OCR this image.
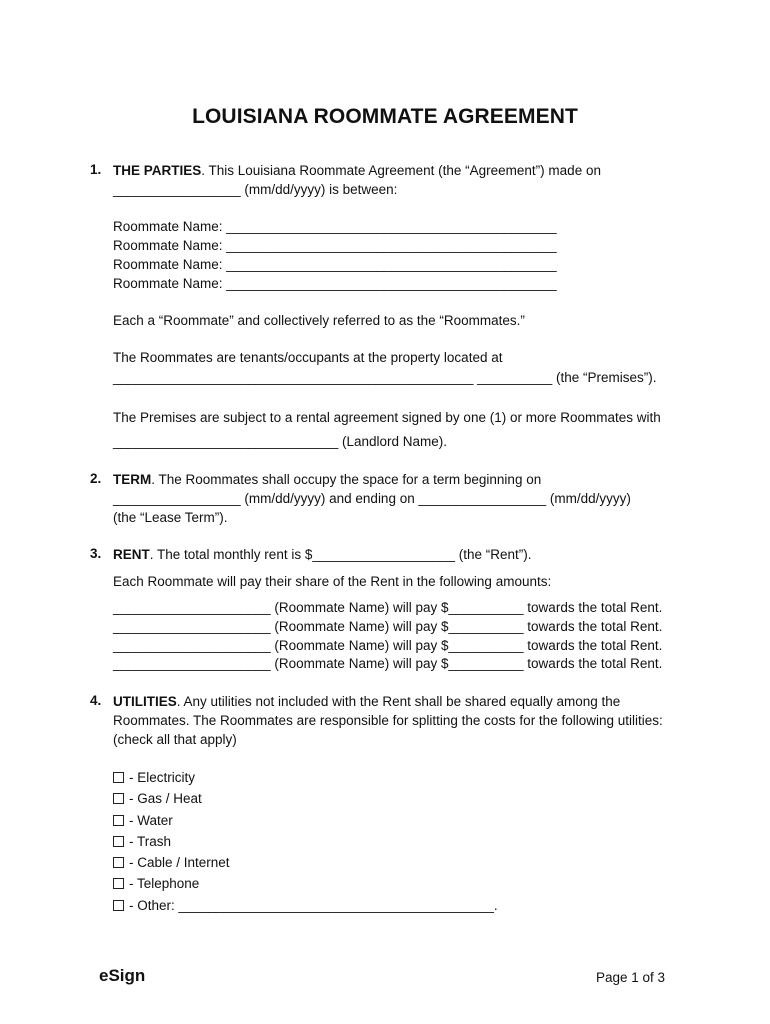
LOUISIANA ROOMMATE AGREEMENT
1. THE PARTIES. This Louisiana Roommate Agreement (the “Agreement”) made on
_________________ (mm/dd/yyyy) is between:
Roommate Name: ____________________________________________
Roommate Name: ____________________________________________
Roommate Name: ____________________________________________
Roommate Name: ____________________________________________
Each a “Roommate” and collectively referred to as the “Roommates.”
The Roommates are tenants/occupants at the property located at
________________________________________________ __________ (the “Premises”).
The Premises are subject to a rental agreement signed by one (1) or more Roommates with
______________________________ (Landlord Name).
2. TERM. The Roommates shall occupy the space for a term beginning on
_________________ (mm/dd/yyyy) and ending on _________________ (mm/dd/yyyy)
(the “Lease Term”).
3. RENT. The total monthly rent is $___________________ (the “Rent”).
Each Roommate will pay their share of the Rent in the following amounts:
_____________________ (Roommate Name) will pay $__________ towards the total Rent.
_____________________ (Roommate Name) will pay $__________ towards the total Rent.
_____________________ (Roommate Name) will pay $__________ towards the total Rent.
_____________________ (Roommate Name) will pay $__________ towards the total Rent.
4. UTILITIES. Any utilities not included with the Rent shall be shared equally among the
Roommates. The Roommates are responsible for splitting the costs for the following utilities:
(check all that apply)
- Electricity
- Gas / Heat
- Water
- Trash
- Cable / Internet
- Telephone
- Other: __________________________________________.
eSign	Page 1 of 3
